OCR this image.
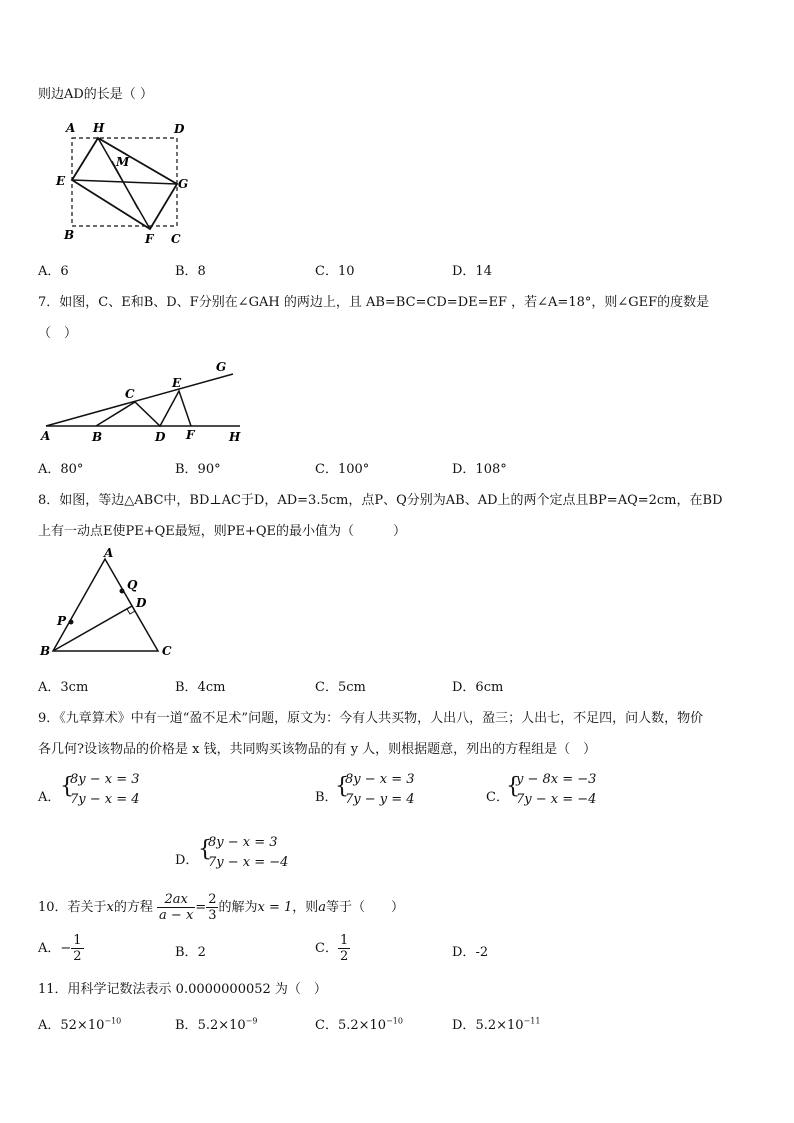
则边AD的长是（ ）
A H	D
M
E	G
B	F C
A．6	B．8	C．10	D．14
7．如图，C、E和B、D、F分别在∠GAH 的两边上，且 AB=BC=CD=DE=EF ，若∠A=18°，则∠GEF的度数是
（　）
G
C
E
A	B	D F	H
A．80°	B．90°	C．100°	D．108°
8．如图，等边△ABC中，BD⊥AC于D，AD=3.5cm，点P、Q分别为AB、AD上的两个定点且BP=AQ=2cm，在BD
上有一动点E使PE+QE最短，则PE+QE的最小值为（　　　）
A
Q
D
P
B	C
A．3cm	B．4cm	C．5cm	D．6cm
9．《九章算术》中有一道“盈不足术”问题，原文为：今有人共买物，人出八，盈三；人出七，不足四，问人数，物价
各几何?设该物品的价格是 x 钱，共同购买该物品的有 y 人，则根据题意，列出的方程组是（　）
A． {
8y − x = 3
7y − x = 4	B．
{
8y − x = 3
7y − y = 4	C．
{
y − 8x = −3
7y − x = −4
D． {
8y − x = 3
7y − x = −4
10．若关于x的方程 $\frac{2ax}{a - x} = \frac{2}{3}$ 的解为x = 1，则a等于（　　）
A．− $\frac{1}{2}$	B．2	C． $\frac{1}{2}$	D．-2
11．用科学记数法表示 0.0000000052 为（　）
A．$52\times 10^{-10}$	B．$5.2\times 10^{-9}$	C．$5.2\times 10^{-10}$	D．$5.2\times 10^{-11}$
